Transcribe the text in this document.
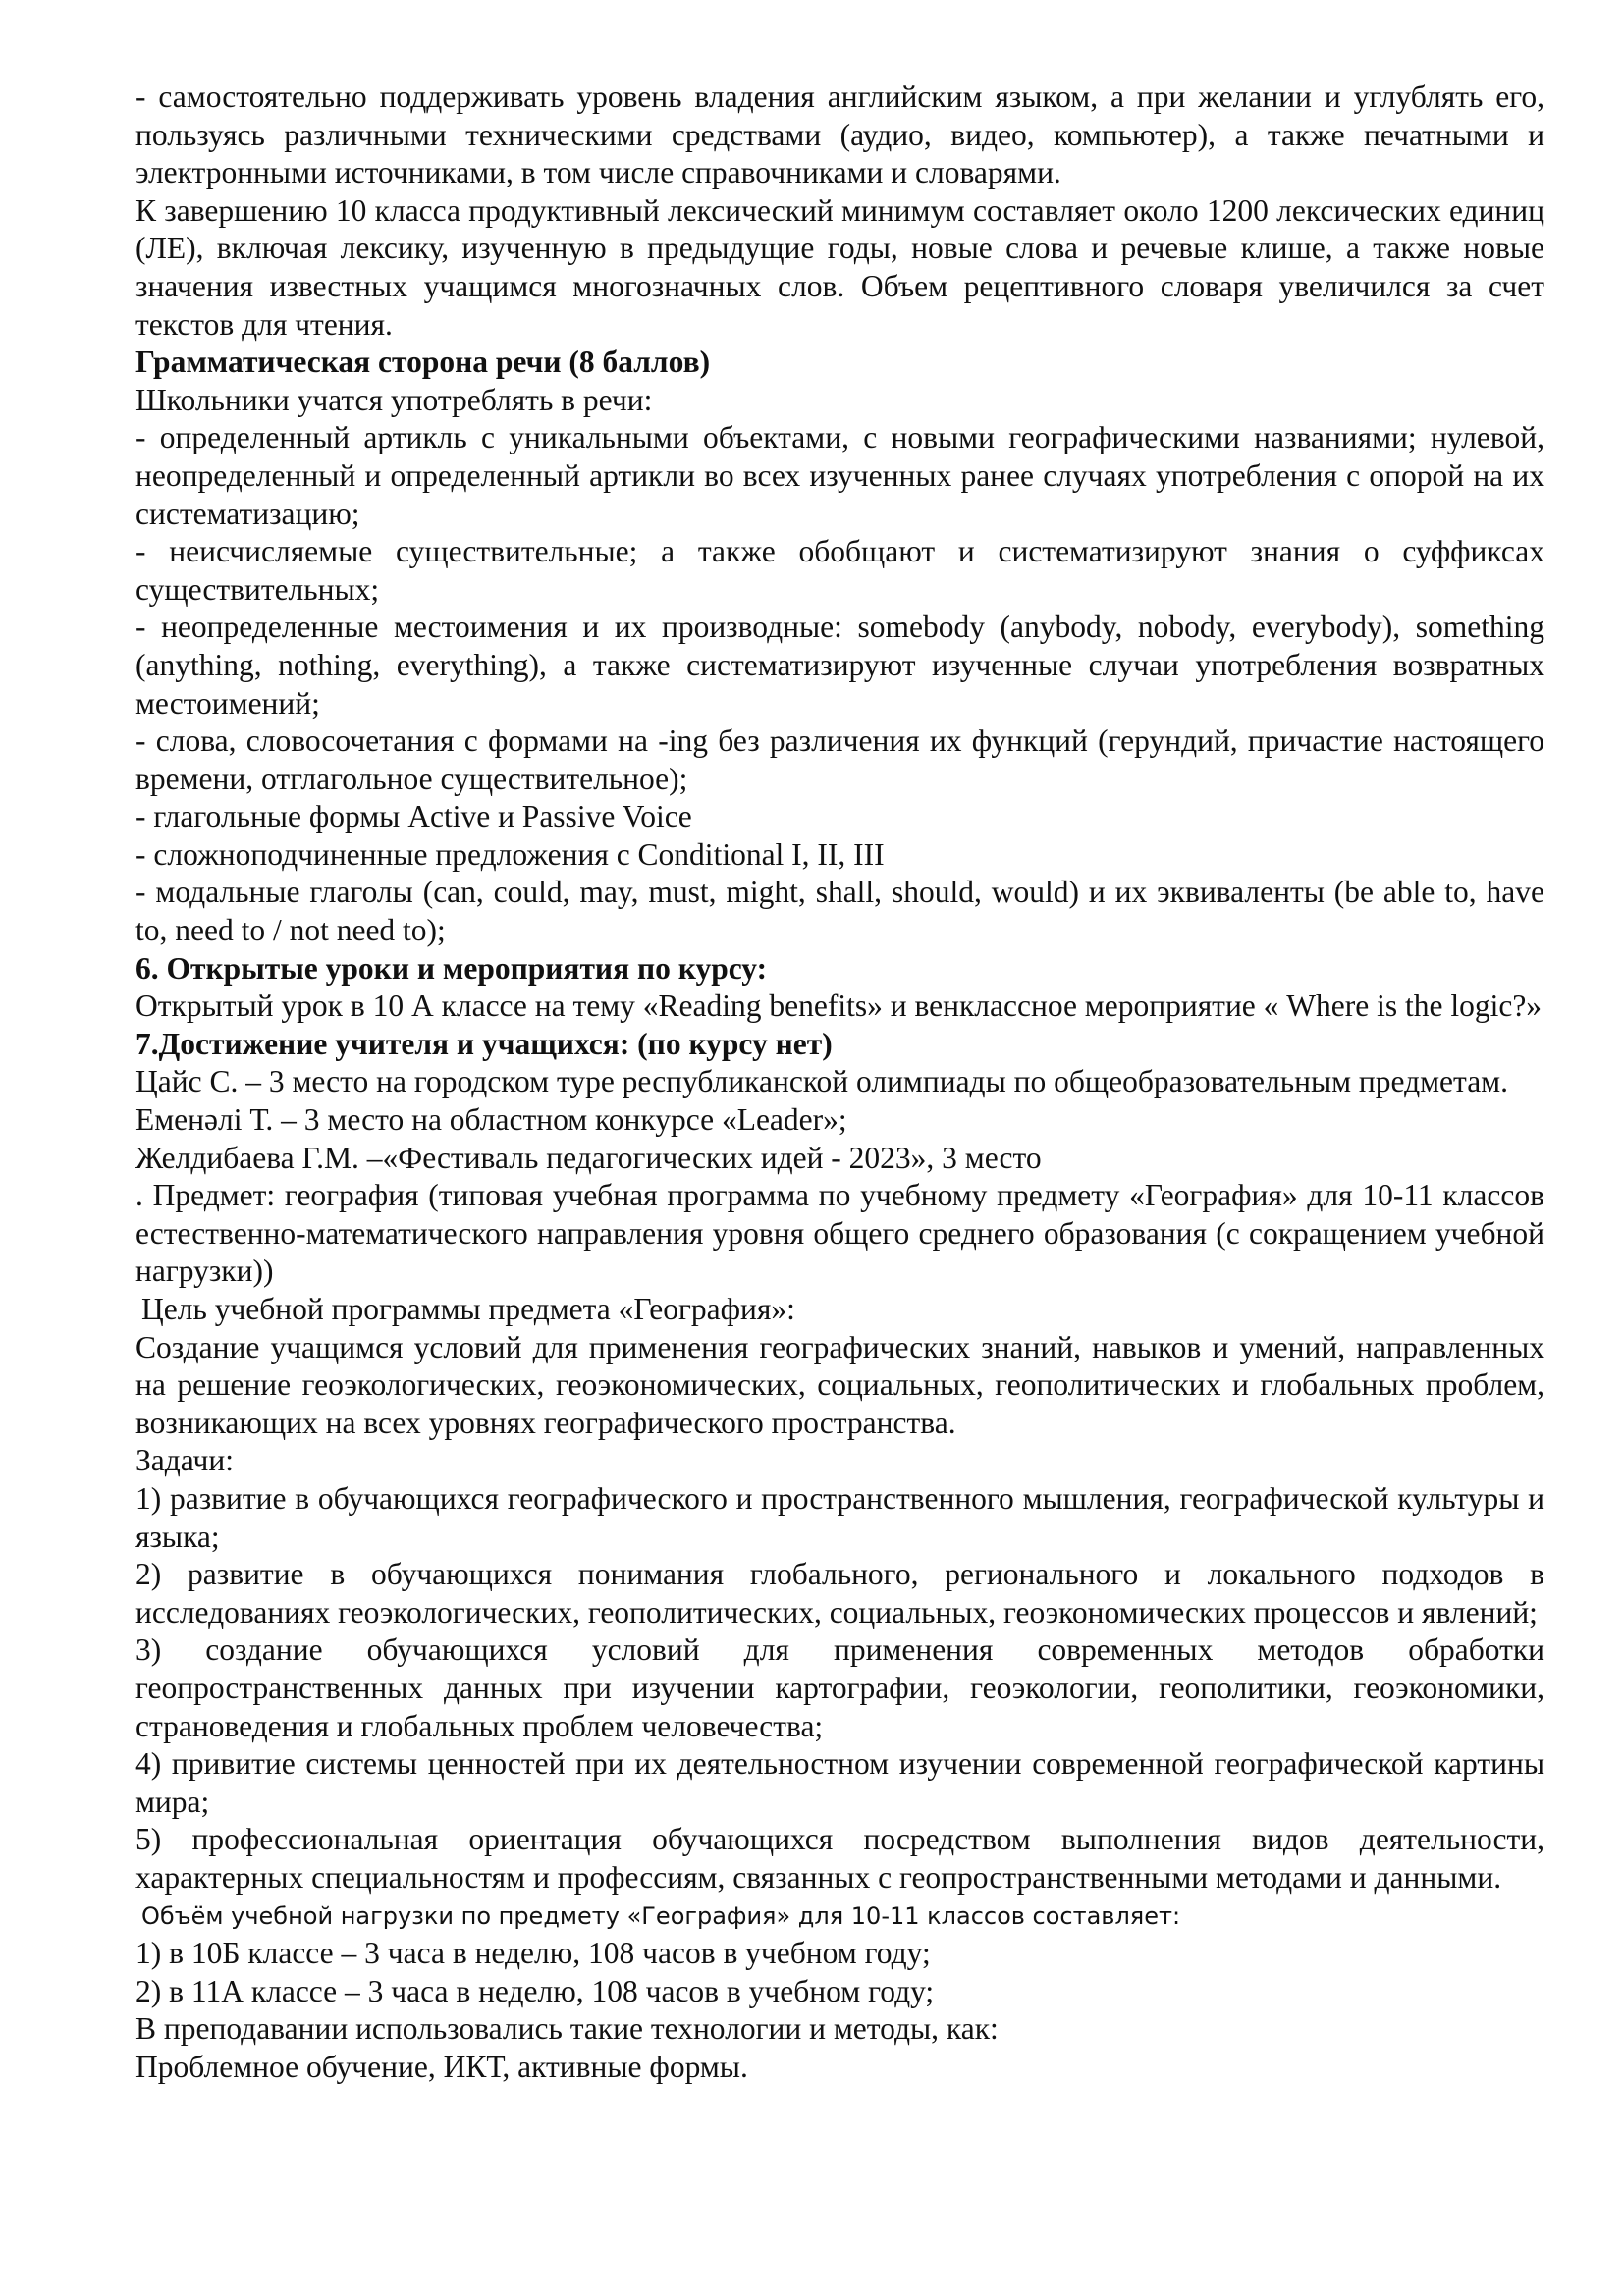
- самостоятельно поддерживать уровень владения английским языком, а при желании и углублять его, пользуясь различными техническими средствами (аудио, видео, компьютер), а также печатными и электронными источниками, в том числе справочниками и словарями.

К завершению 10 класса продуктивный лексический минимум составляет около 1200 лексических единиц (ЛЕ), включая лексику, изученную в предыдущие годы, новые слова и речевые клише, а также новые значения известных учащимся многозначных слов. Объем рецептивного словаря увеличился за счет текстов для чтения.

Грамматическая сторона речи (8 баллов)

Школьники учатся употреблять в речи:

- определенный артикль с уникальными объектами, с новыми географическими названиями; нулевой, неопределенный и определенный артикли во всех изученных ранее случаях употребления с опорой на их систематизацию;

- неисчисляемые существительные; а также обобщают и систематизируют знания о суффиксах существительных;

- неопределенные местоимения и их производные: somebody (anybody, nobody, everybody), something (anything, nothing, everything), а также систематизируют изученные случаи употребления возвратных местоимений;

- слова, словосочетания с формами на -ing без различения их функций (герундий, причастие настоящего времени, отглагольное существительное);

- глагольные формы Active и Passive Voice

- сложноподчиненные предложения с Conditional I, II, III

- модальные глаголы (can, could, may, must, might, shall, should, would) и их эквиваленты (be able to, have to, need to / not need to);

6. Открытые уроки и мероприятия по курсу:

Открытый урок в 10 А классе на тему «Reading benefits» и венклассное мероприятие « Where is the logic?»

7.Достижение учителя и учащихся: (по курсу нет)

Цайс С. – 3 место на городском туре республиканской олимпиады по общеобразовательным предметам.

Еменәлі Т. – 3 место на областном конкурсе «Leader»;

Желдибаева Г.М. –«Фестиваль педагогических идей - 2023», 3 место

. Предмет: география (типовая учебная программа по учебному предмету «География» для 10-11 классов естественно-математического направления уровня общего среднего образования (с сокращением учебной нагрузки))

Цель учебной программы предмета «География»:

Создание учащимся условий для применения географических знаний, навыков и умений, направленных на решение геоэкологических, геоэкономических, социальных, геополитических и глобальных проблем, возникающих на всех уровнях географического пространства.

Задачи:

1) развитие в обучающихся географического и пространственного мышления, географической культуры и языка;

2) развитие в обучающихся понимания глобального, регионального и локального подходов в исследованиях геоэкологических, геополитических, социальных, геоэкономических процессов и явлений;

3) создание обучающихся условий для применения современных методов обработки геопространственных данных при изучении картографии, геоэкологии, геополитики, геоэкономики, страноведения и глобальных проблем человечества;

4) привитие системы ценностей при их деятельностном изучении современной географической картины мира;

5) профессиональная ориентация обучающихся посредством выполнения видов деятельности, характерных специальностям и профессиям, связанных с геопространственными методами и данными.

Объём учебной нагрузки по предмету «География» для 10-11 классов составляет:

1) в 10Б классе – 3 часа в неделю, 108 часов в учебном году;

2) в 11А классе – 3 часа в неделю, 108 часов в учебном году;

В преподавании использовались такие технологии и методы, как:

Проблемное обучение, ИКТ, активные формы.
